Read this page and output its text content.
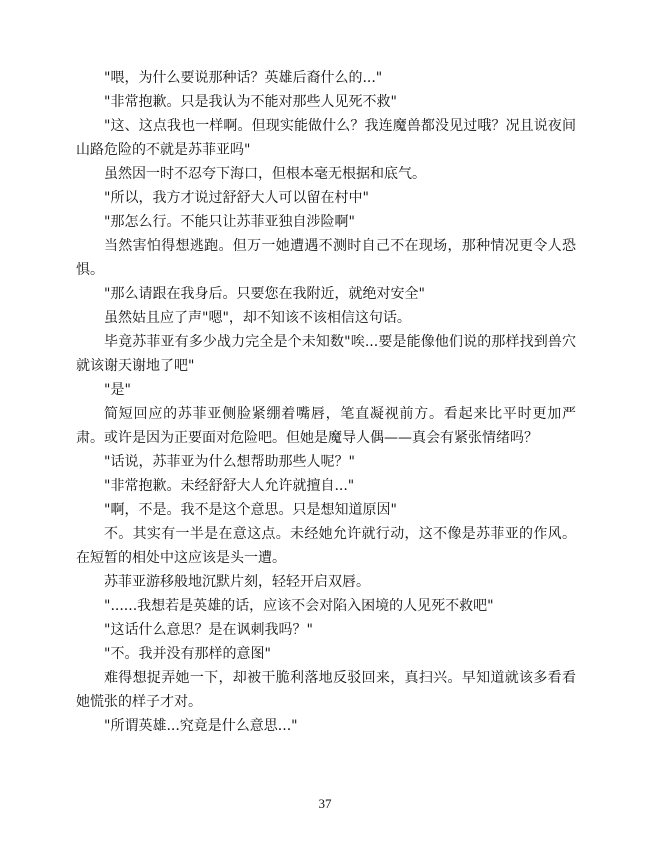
"喂，为什么要说那种话？英雄后裔什么的..."

"非常抱歉。只是我认为不能对那些人见死不救"

"这、这点我也一样啊。但现实能做什么？我连魔兽都没见过哦？况且说夜间山路危险的不就是苏菲亚吗"

虽然因一时不忍夸下海口，但根本毫无根据和底气。

"所以，我方才说过舒舒大人可以留在村中"

"那怎么行。不能只让苏菲亚独自涉险啊"

当然害怕得想逃跑。但万一她遭遇不测时自己不在现场，那种情况更令人恐惧。

"那么请跟在我身后。只要您在我附近，就绝对安全"

虽然姑且应了声"嗯"，却不知该不该相信这句话。

毕竟苏菲亚有多少战力完全是个未知数"唉...要是能像他们说的那样找到兽穴就该谢天谢地了吧"

"是"

简短回应的苏菲亚侧脸紧绷着嘴唇，笔直凝视前方。看起来比平时更加严肃。或许是因为正要面对危险吧。但她是魔导人偶——真会有紧张情绪吗？

"话说，苏菲亚为什么想帮助那些人呢？"

"非常抱歉。未经舒舒大人允许就擅自..."

"啊，不是。我不是这个意思。只是想知道原因"

不。其实有一半是在意这点。未经她允许就行动，这不像是苏菲亚的作风。在短暂的相处中这应该是头一遭。

苏菲亚游移般地沉默片刻，轻轻开启双唇。

"......我想若是英雄的话，应该不会对陷入困境的人见死不救吧"

"这话什么意思？是在讽刺我吗？"

"不。我并没有那样的意图"

难得想捉弄她一下，却被干脆利落地反驳回来，真扫兴。早知道就该多看看她慌张的样子才对。

"所谓英雄...究竟是什么意思..."

37
